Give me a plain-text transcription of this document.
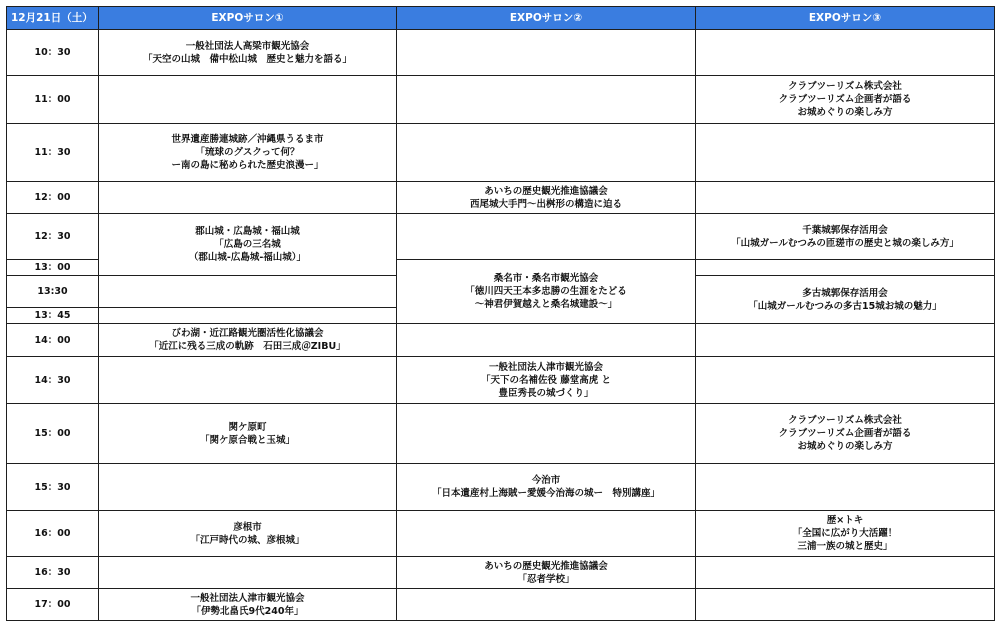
12月21日（土）	EXPOサロン①	EXPOサロン②	EXPOサロン③
10：30	一般社団法人高梁市観光協会
「天空の山城　備中松山城　歴史と魅力を語る」		

11：00			クラブツーリズム株式会社
クラブツーリズム企画者が語る
お城めぐりの楽しみ方

11：30	世界遺産勝連城跡／沖縄県うるま市
「琉球のグスクって何？
ー南の島に秘められた歴史浪漫ー」		

12：00		あいちの歴史観光推進協議会
西尾城大手門～出桝形の構造に迫る	

12：30	郡山城・広島城・福山城
「広島の三名城
（郡山城-広島城-福山城）」		千葉城郭保存活用会
「山城ガールむつみの匝瑳市の歴史と城の楽しみ方」

13：00		桑名市・桑名市観光協会
「徳川四天王本多忠勝の生涯をたどる
～神君伊賀越えと桑名城建設～」	

13:30			多古城郭保存活用会
「山城ガールむつみの多古15城お城の魅力」

13：45			
14：00	びわ湖・近江路観光圏活性化協議会
「近江に残る三成の軌跡　石田三成＠ZIBU」		

14：30		一般社団法人津市観光協会
「天下の名補佐役 藤堂高虎 と
豊臣秀長の城づくり」	

15：00	関ケ原町
「関ケ原合戦と玉城」		クラブツーリズム株式会社
クラブツーリズム企画者が語る
お城めぐりの楽しみ方

15：30		今治市
「日本遺産村上海賊ー愛媛今治海の城ー　特別講座」	

16：00	彦根市
「江戸時代の城、彦根城」		歴×トキ
「全国に広がり大活躍！
三浦一族の城と歴史」

16：30		あいちの歴史観光推進協議会
「忍者学校」	

17：00	一般社団法人津市観光協会
「伊勢北畠氏9代240年」		
